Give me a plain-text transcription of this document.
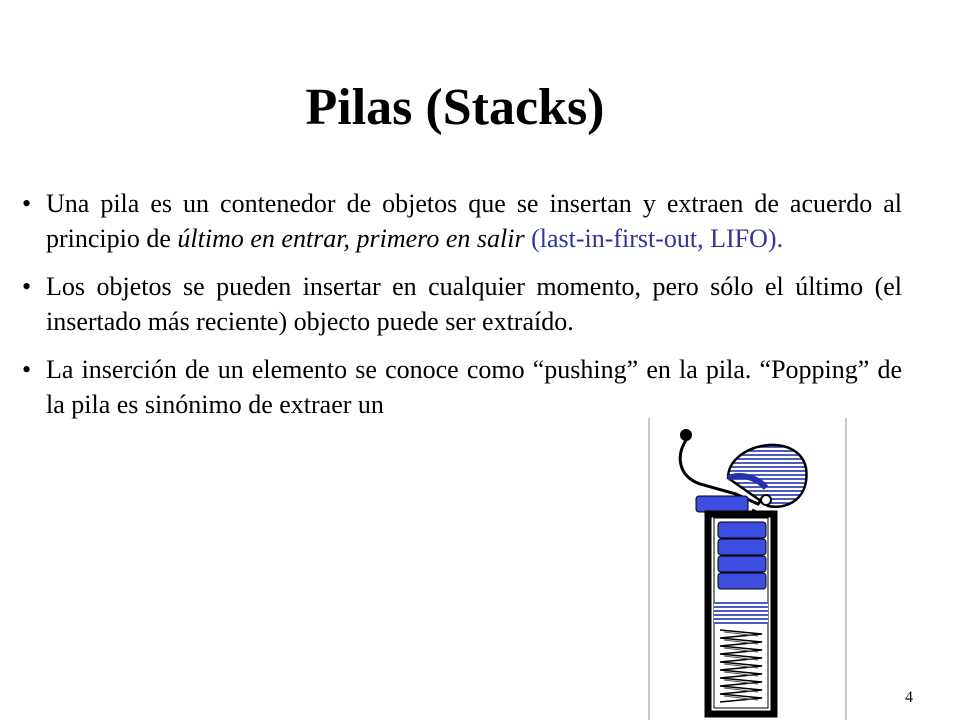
Pilas (Stacks)
• Una pila es un contenedor de objetos que se insertan y extraen de acuerdo al principio de último en entrar, primero en salir (last-in-first-out, LIFO).
• Los objetos se pueden insertar en cualquier momento, pero sólo el último (el insertado más reciente) objecto puede ser extraído.
• La inserción de un elemento se conoce como “pushing” en la pila. “Popping” de la pila es sinónimo de extraer un
4
